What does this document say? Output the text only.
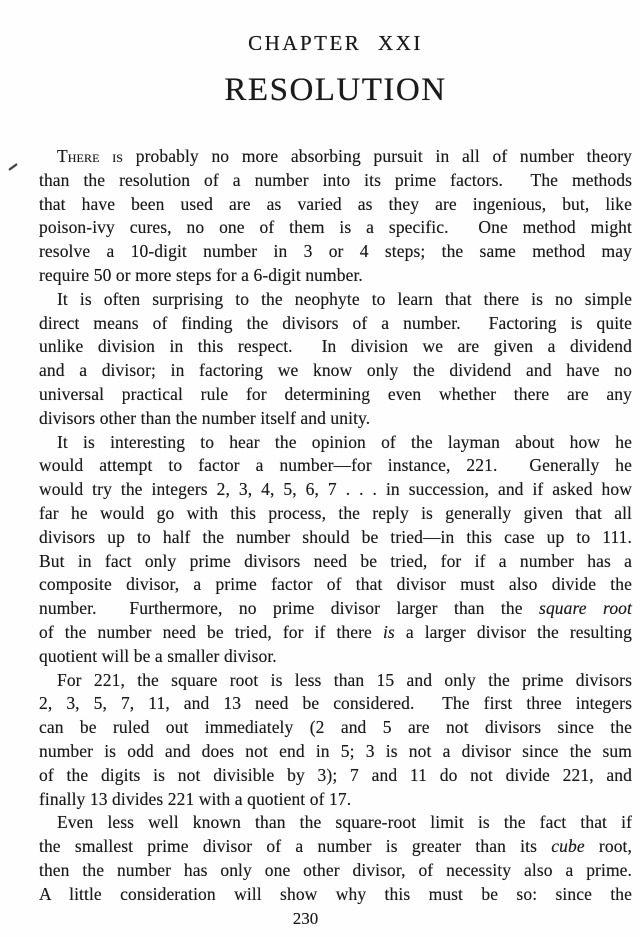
CHAPTER XXI
RESOLUTION
There is probably no more absorbing pursuit in all of number theory
than the resolution of a number into its prime factors.  The methods
that have been used are as varied as they are ingenious, but, like
poison-ivy cures, no one of them is a specific.  One method might
resolve a 10-digit number in 3 or 4 steps; the same method may
require 50 or more steps for a 6-digit number.
It is often surprising to the neophyte to learn that there is no simple
direct means of finding the divisors of a number.  Factoring is quite
unlike division in this respect.  In division we are given a dividend
and a divisor; in factoring we know only the dividend and have no
universal practical rule for determining even whether there are any
divisors other than the number itself and unity.
It is interesting to hear the opinion of the layman about how he
would attempt to factor a number—for instance, 221.  Generally he
would try the integers 2, 3, 4, 5, 6, 7 . . . in succession, and if asked how
far he would go with this process, the reply is generally given that all
divisors up to half the number should be tried—in this case up to 111.
But in fact only prime divisors need be tried, for if a number has a
composite divisor, a prime factor of that divisor must also divide the
number.  Furthermore, no prime divisor larger than the square root
of the number need be tried, for if there is a larger divisor the resulting
quotient will be a smaller divisor.
For 221, the square root is less than 15 and only the prime divisors
2, 3, 5, 7, 11, and 13 need be considered.  The first three integers
can be ruled out immediately (2 and 5 are not divisors since the
number is odd and does not end in 5; 3 is not a divisor since the sum
of the digits is not divisible by 3); 7 and 11 do not divide 221, and
finally 13 divides 221 with a quotient of 17.
Even less well known than the square-root limit is the fact that if
the smallest prime divisor of a number is greater than its cube root,
then the number has only one other divisor, of necessity also a prime.
A little consideration will show why this must be so: since the
230
